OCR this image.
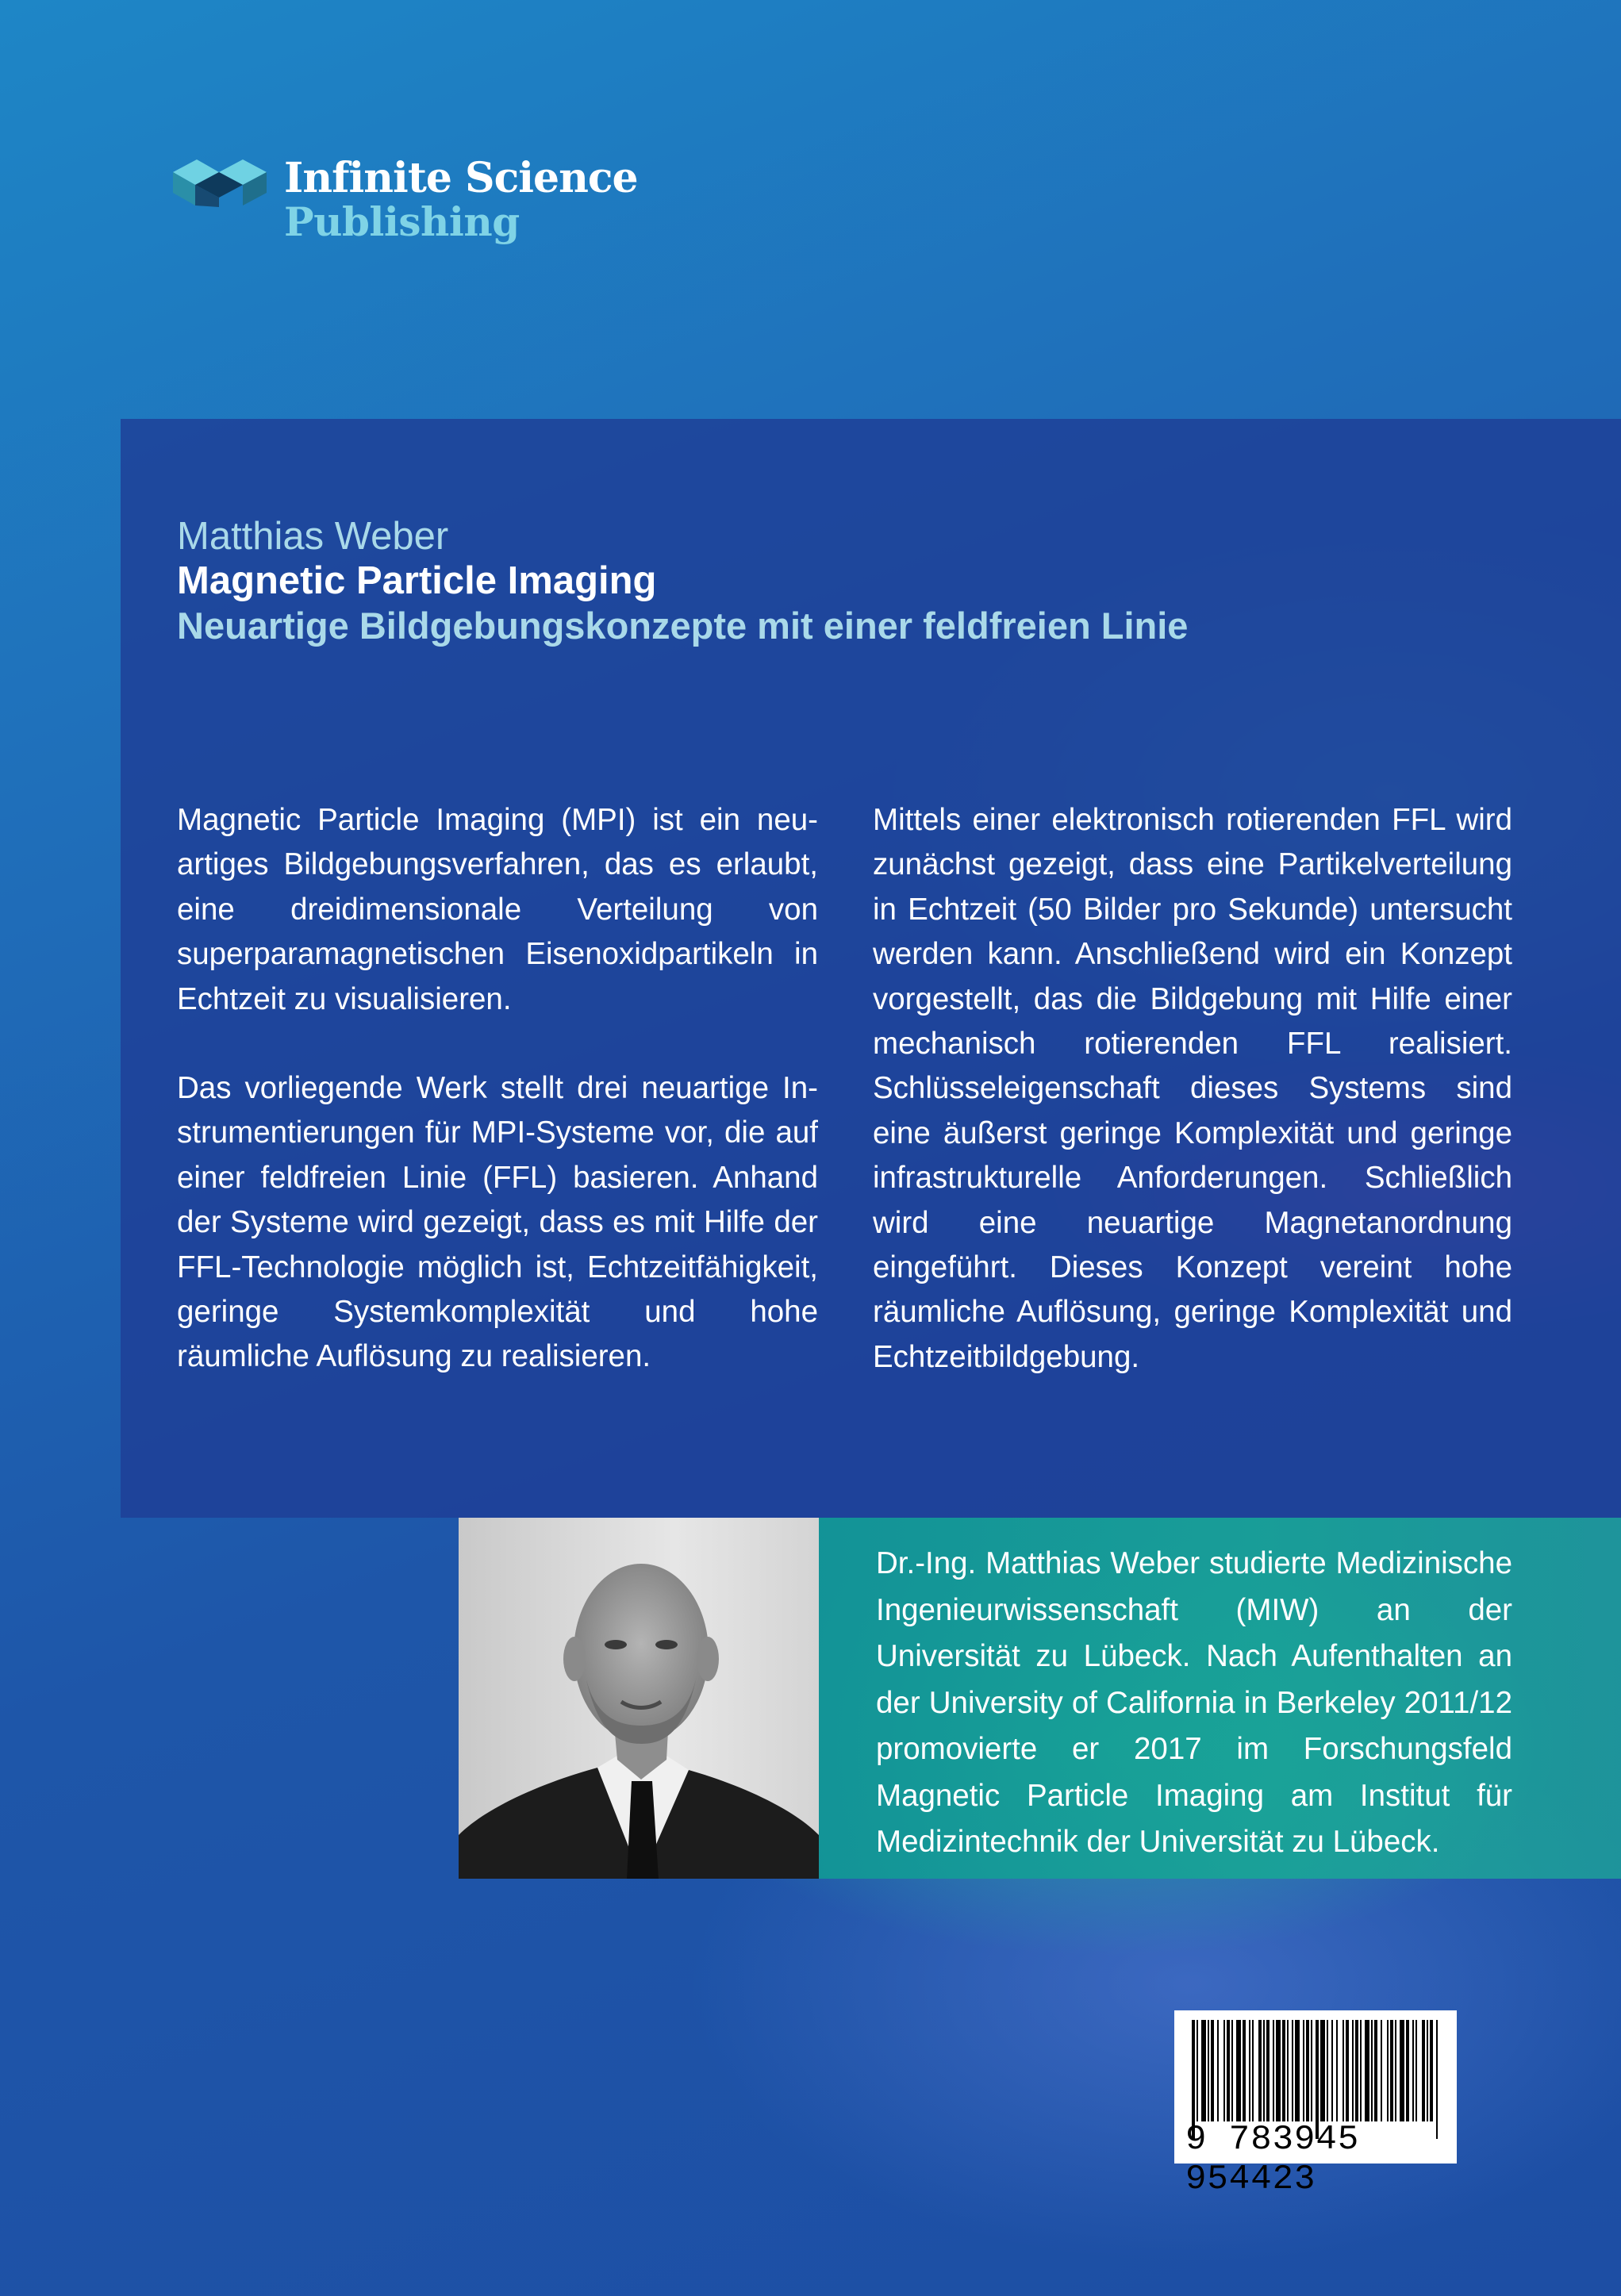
Infinite Science
Publishing
Matthias Weber
Magnetic Particle Imaging
Neuartige Bildgebungskonzepte mit einer feldfreien Linie

Magnetic Particle Imaging (MPI) ist ein neuartiges Bildgebungsverfahren, das es erlaubt, eine dreidimensionale Verteilung von superparamagnetischen Eisenoxidpartikeln in Echtzeit zu visualisieren.

Das vorliegende Werk stellt drei neuartige Instrumentierungen für MPI-Systeme vor, die auf einer feldfreien Linie (FFL) basieren. Anhand der Systeme wird gezeigt, dass es mit Hilfe der FFL-Technologie möglich ist, Echtzeitfähigkeit, geringe Systemkomplexität und hohe räumliche Auflösung zu realisieren.

Mittels einer elektronisch rotierenden FFL wird zunächst gezeigt, dass eine Partikelverteilung in Echtzeit (50 Bilder pro Sekunde) untersucht werden kann. Anschließend wird ein Konzept vorgestellt, das die Bildgebung mit Hilfe einer mechanisch rotierenden FFL realisiert. Schlüsseleigenschaft dieses Systems sind eine äußerst geringe Komplexität und geringe infrastrukturelle Anforderungen. Schließlich wird eine neuartige Magnetanordnung eingeführt. Dieses Konzept vereint hohe räumliche Auflösung, geringe Komplexität und Echtzeitbildgebung.

Dr.-Ing. Matthias Weber studierte Medizinische Ingenieurwissenschaft (MIW) an der Universität zu Lübeck. Nach Aufenthalten an der University of California in Berkeley 2011/12 promovierte er 2017 im Forschungsfeld Magnetic Particle Imaging am Institut für Medizintechnik der Universität zu Lübeck.
9 783945 954423
